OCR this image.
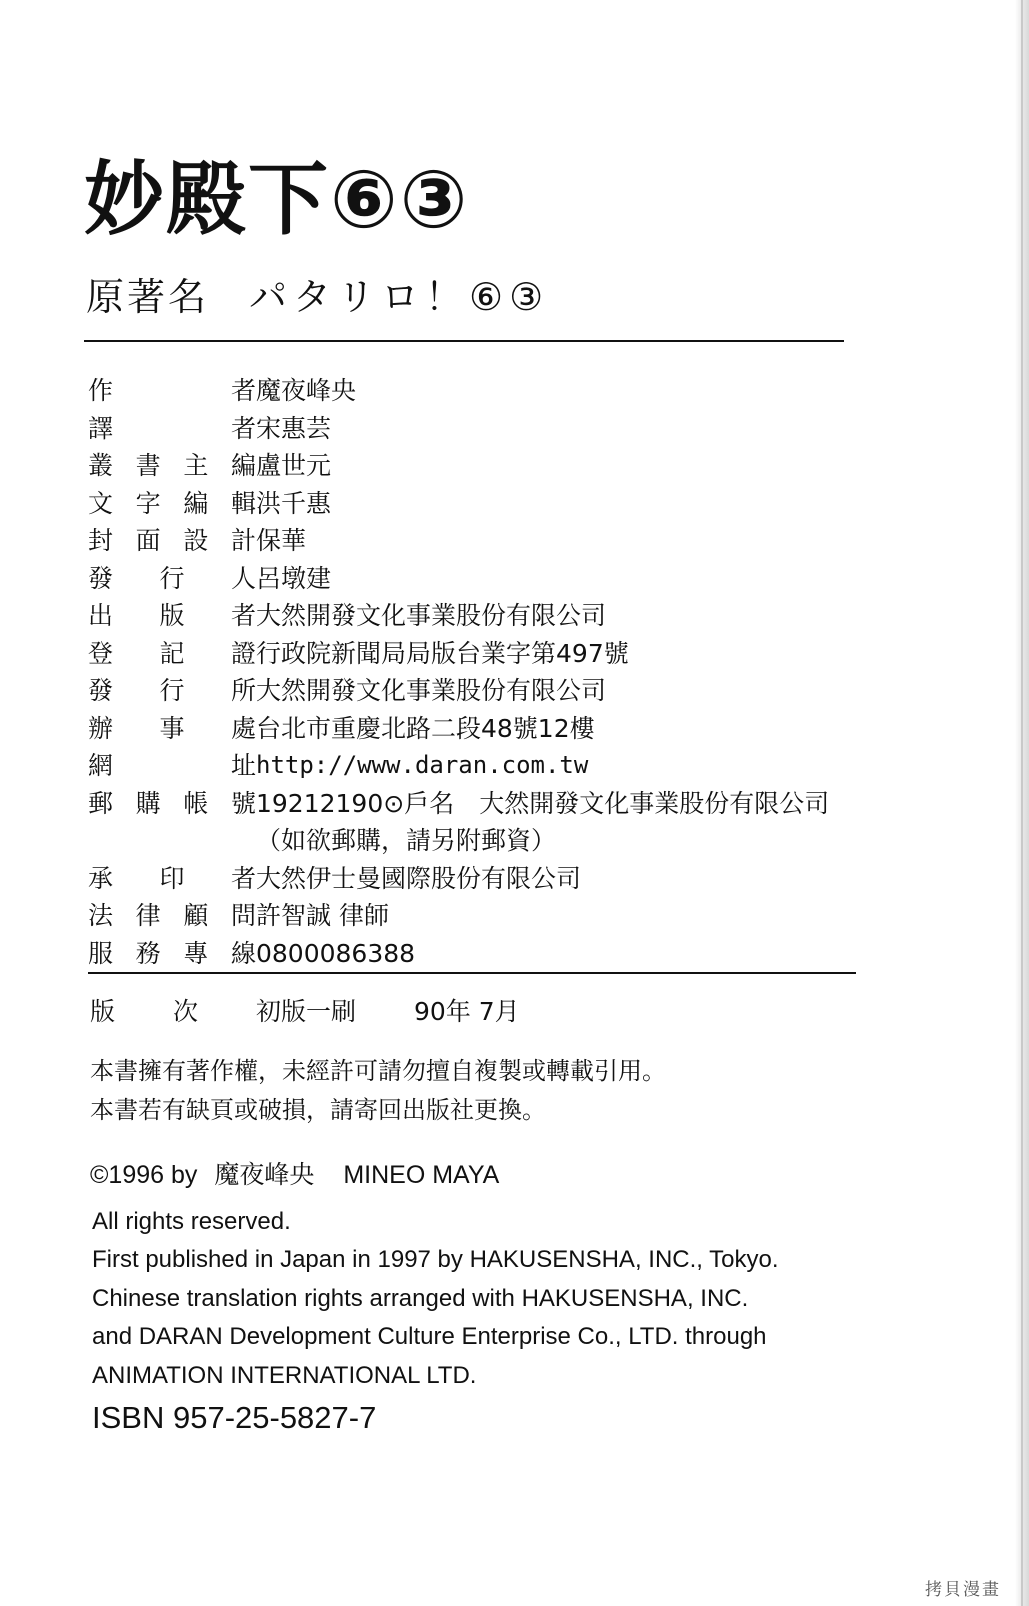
妙殿下⑥③
原著名 パタリロ！⑥③
作　者 魔夜峰央
譯　者 宋惠芸
叢書主編 盧世元
文字編輯 洪千惠
封面設計 保華
發行人 呂墩建
出版者 大然開發文化事業股份有限公司
登記證 行政院新聞局局版台業字第497號
發行所 大然開發文化事業股份有限公司
辦事處 台北市重慶北路二段48號12樓
網　址 http://www.daran.com.tw
郵購帳號 19212190⊙戶名　大然開發文化事業股份有限公司
（如欲郵購，請另附郵資）
承印者 大然伊士曼國際股份有限公司
法律顧問 許智誠 律師
服務專線 0800086388
版　次 初版一刷 90年 7月
本書擁有著作權，未經許可請勿擅自複製或轉載引用。
本書若有缺頁或破損，請寄回出版社更換。
©1996 by 魔夜峰央 MINEO MAYA
All rights reserved.
First published in Japan in 1997 by HAKUSENSHA, INC., Tokyo.
Chinese translation rights arranged with HAKUSENSHA, INC.
and DARAN Development Culture Enterprise Co., LTD. through
ANIMATION INTERNATIONAL LTD.
ISBN 957-25-5827-7
拷貝漫畫
